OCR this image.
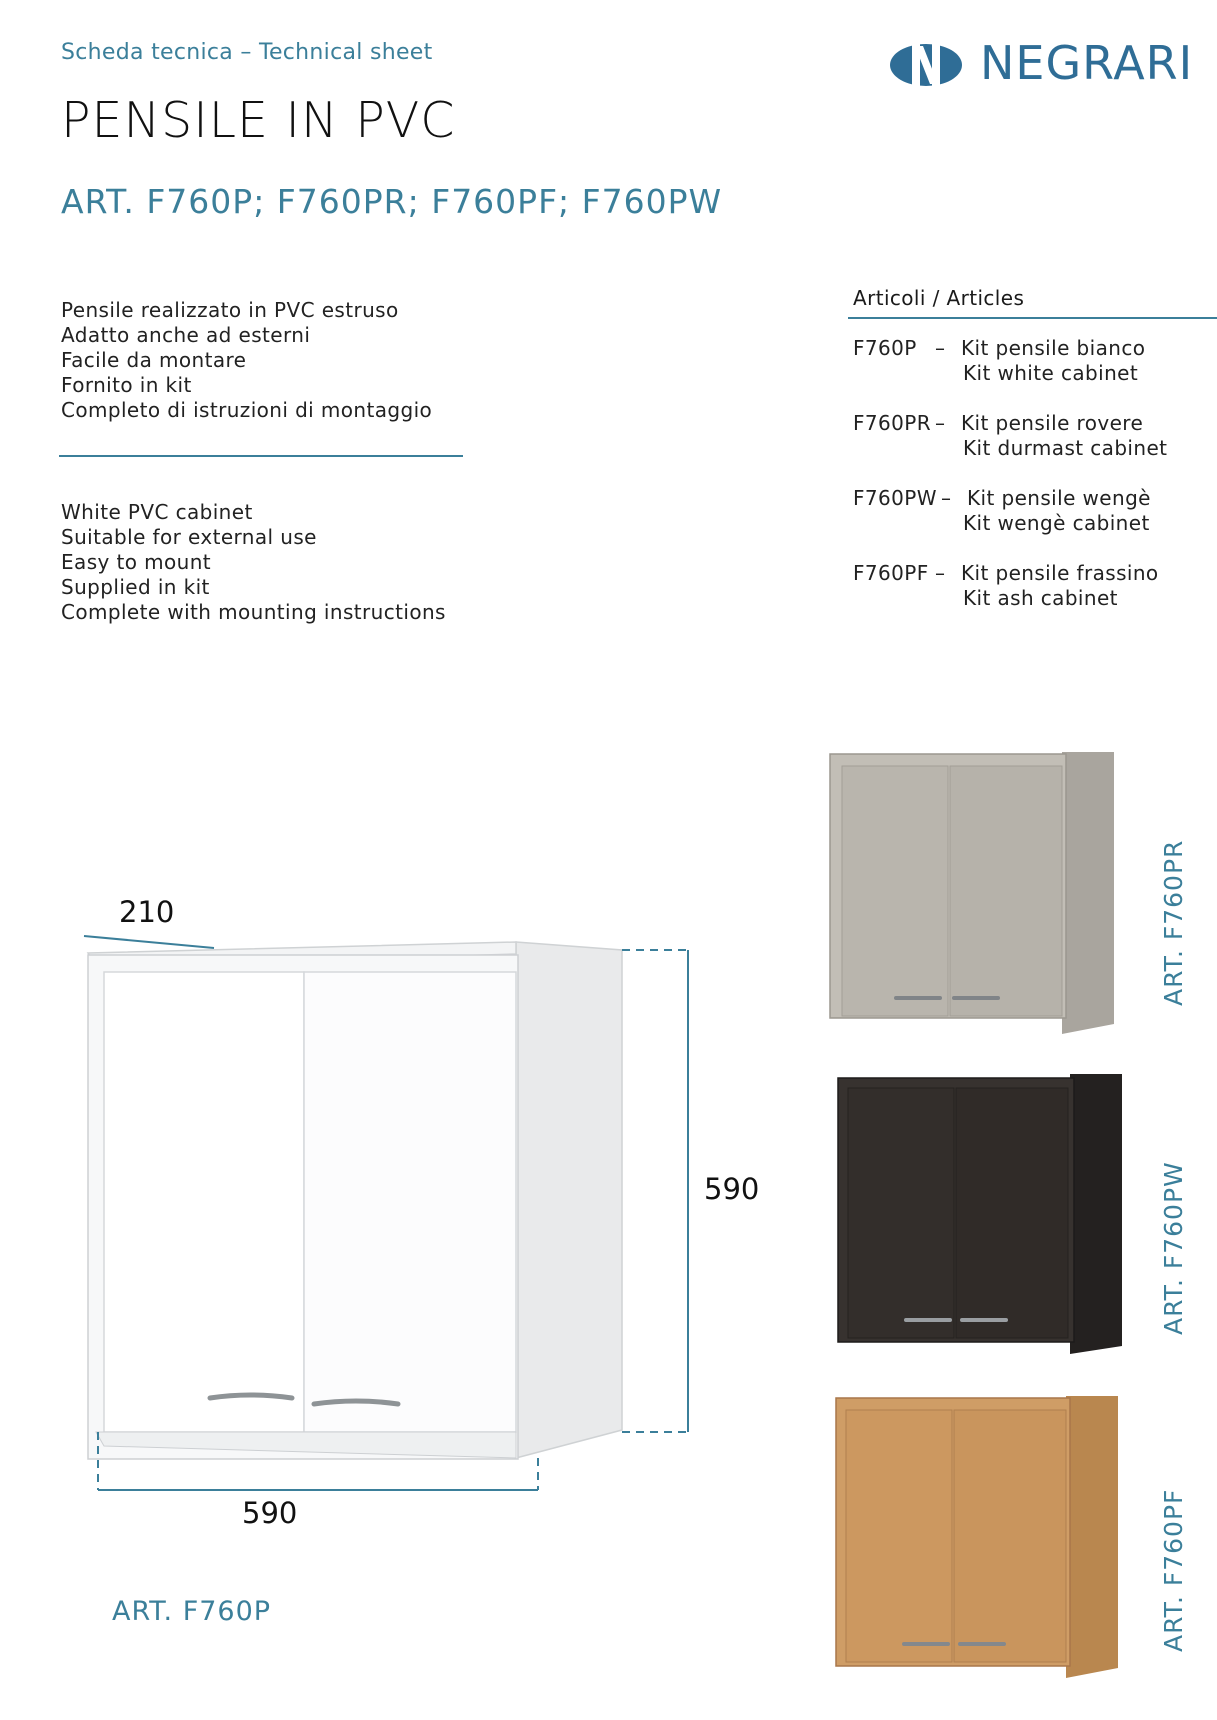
Scheda tecnica – Technical sheet
PENSILE IN PVC
ART. F760P; F760PR; F760PF; F760PW
NEGRARI
Pensile realizzato in PVC estruso
Adatto anche ad esterni
Facile da montare
Fornito in kit
Completo di istruzioni di montaggio
White PVC cabinet
Suitable for external use
Easy to mount
Supplied in kit
Complete with mounting instructions
Articoli / Articles
F760P – Kit pensile bianco
Kit white cabinet
F760PR – Kit pensile rovere
Kit durmast cabinet
F760PW – Kit pensile wengè
Kit wengè cabinet
F760PF – Kit pensile frassino
Kit ash cabinet
210
590
590
ART. F760P
ART. F760PR
ART. F760PW
ART. F760PF
